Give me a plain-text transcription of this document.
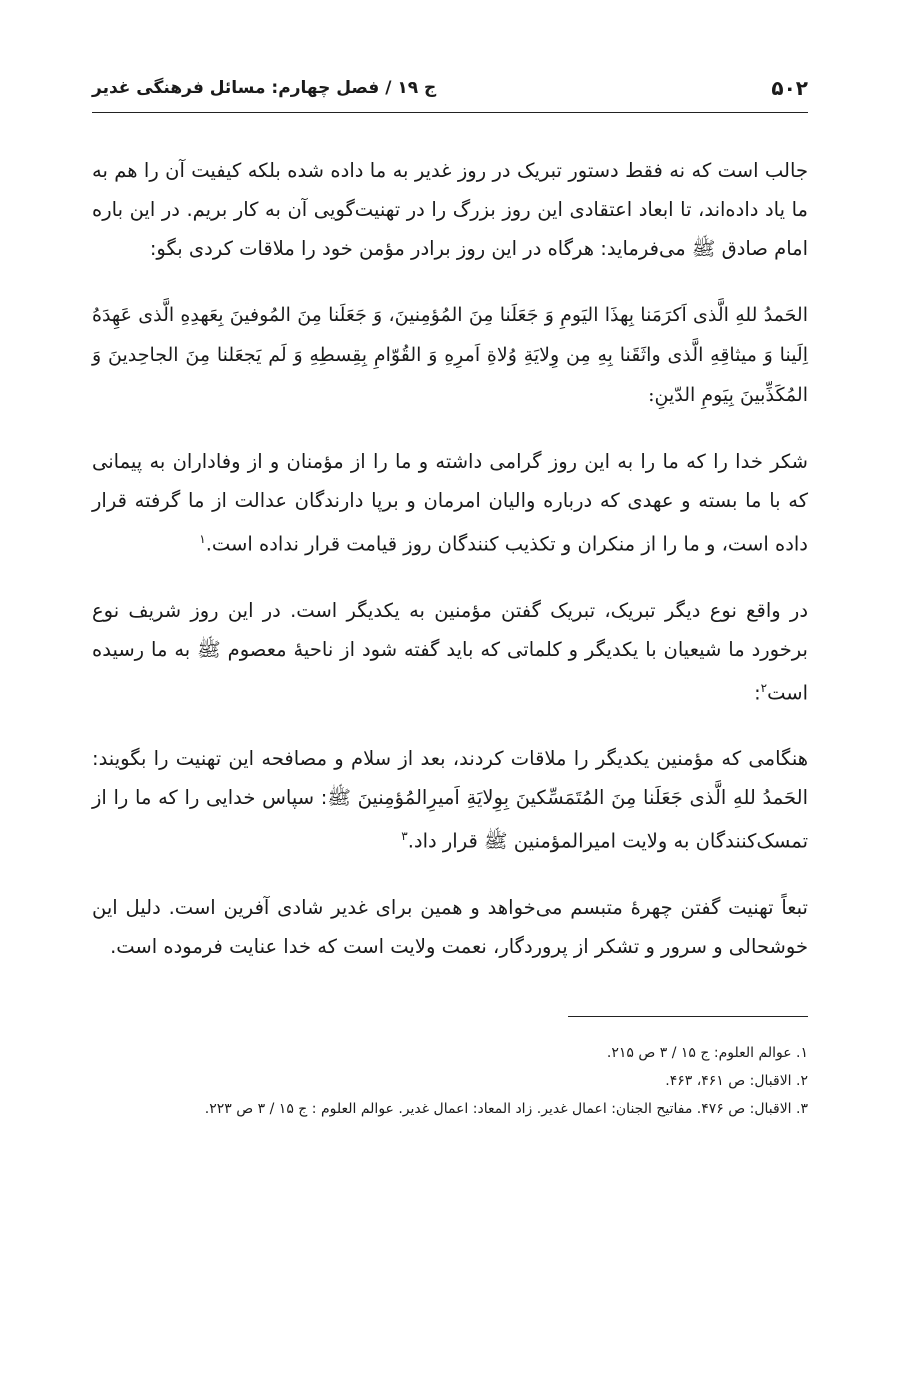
۵۰۲
ج ۱۹ / فصل چهارم: مسائل فرهنگی غدیر

جالب است که نه فقط دستور تبریک در روز غدیر به ما داده شده بلکه کیفیت آن را هم به ما یاد داده‌اند، تا ابعاد اعتقادی این روز بزرگ را در تهنیت‌گویی آن به کار بریم. در این باره امام صادق ﷺ می‌فرماید: هرگاه در این روز برادر مؤمن خود را ملاقات کردی بگو:

الحَمدُ للهِ الَّذی اَکرَمَنا بِهذَا الیَومِ وَ جَعَلَنا مِنَ المُؤمِنینَ، وَ جَعَلَنا مِنَ المُوفینَ بِعَهدِهِ الَّذی عَهِدَهُ اِلَینا وَ میثاقِهِ الَّذی واثَقَنا بِهِ مِن وِلایَةِ وُلاةِ اَمرِهِ وَ القُوّامِ بِقِسطِهِ وَ لَم یَجعَلنا مِنَ الجاحِدینَ وَ المُکَذِّبینَ بِیَومِ الدّینِ:

شکر خدا را که ما را به این روز گرامی داشته و ما را از مؤمنان و از وفاداران به پیمانی که با ما بسته و عهدی که درباره والیان امرمان و برپا دارندگان عدالت از ما گرفته قرار داده است، و ما را از منکران و تکذیب کنندگان روز قیامت قرار نداده است.$^۱$

در واقع نوع دیگر تبریک، تبریک گفتن مؤمنین به یکدیگر است. در این روز شریف نوع برخورد ما شیعیان با یکدیگر و کلماتی که باید گفته شود از ناحیهٔ معصوم ﷺ به ما رسیده است$^۲$:

هنگامی که مؤمنین یکدیگر را ملاقات کردند، بعد از سلام و مصافحه این تهنیت را بگویند: الحَمدُ للهِ الَّذی جَعَلَنا مِنَ المُتَمَسِّکینَ بِوِلایَةِ اَمیرِالمُؤمِنینَ ﷺ: سپاس خدایی را که ما را از تمسک‌کنندگان به ولایت امیرالمؤمنین ﷺ قرار داد.$^۳$

تبعاً تهنیت گفتن چهرهٔ متبسم می‌خواهد و همین برای غدیر شادی آفرین است. دلیل این خوشحالی و سرور و تشکر از پروردگار، نعمت ولایت است که خدا عنایت فرموده است.

۱. عوالم العلوم: ج ۱۵ / ۳ ص ۲۱۵.
۲. الاقبال: ص ۴۶۱، ۴۶۳.
۳. الاقبال: ص ۴۷۶. مفاتیح الجنان: اعمال غدیر. زاد المعاد: اعمال غدیر. عوالم العلوم : ج ۱۵ / ۳ ص ۲۲۳.
